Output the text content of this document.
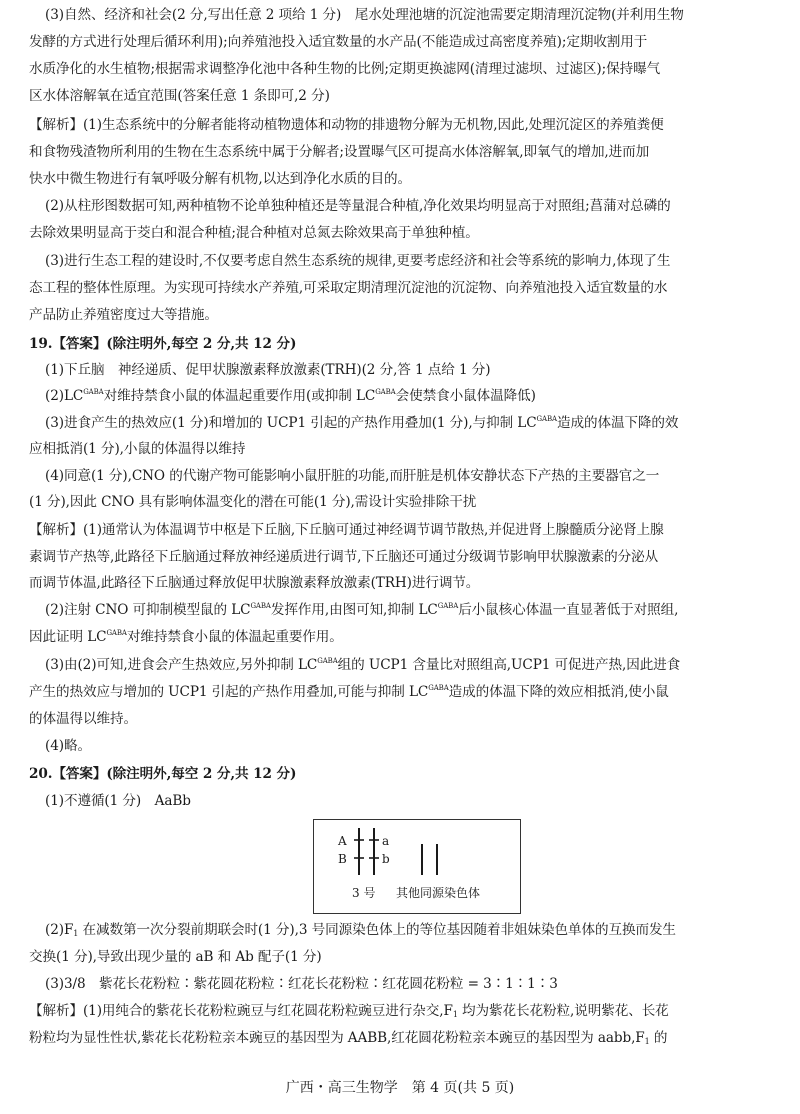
(3)自然、经济和社会(2 分,写出任意 2 项给 1 分)　尾水处理池塘的沉淀池需要定期清理沉淀物(并利用生物

发酵的方式进行处理后循环利用);向养殖池投入适宜数量的水产品(不能造成过高密度养殖);定期收割用于

水质净化的水生植物;根据需求调整净化池中各种生物的比例;定期更换滤网(清理过滤坝、过滤区);保持曝气

区水体溶解氧在适宜范围(答案任意 1 条即可,2 分)

【解析】(1)生态系统中的分解者能将动植物遗体和动物的排遗物分解为无机物,因此,处理沉淀区的养殖粪便

和食物残渣物所利用的生物在生态系统中属于分解者;设置曝气区可提高水体溶解氧,即氧气的增加,进而加

快水中微生物进行有氧呼吸分解有机物,以达到净化水质的目的。

(2)从柱形图数据可知,两种植物不论单独种植还是等量混合种植,净化效果均明显高于对照组;菖蒲对总磷的

去除效果明显高于茭白和混合种植;混合种植对总氮去除效果高于单独种植。

(3)进行生态工程的建设时,不仅要考虑自然生态系统的规律,更要考虑经济和社会等系统的影响力,体现了生

态工程的整体性原理。为实现可持续水产养殖,可采取定期清理沉淀池的沉淀物、向养殖池投入适宜数量的水

产品防止养殖密度过大等措施。

19.【答案】(除注明外,每空 2 分,共 12 分)

(1)下丘脑　神经递质、促甲状腺激素释放激素(TRH)(2 分,答 1 点给 1 分)

$(2)LC^{GABA}$对维持禁食小鼠的体温起重要作用(或抑制 $LC^{GABA}$会使禁食小鼠体温降低)

(3)进食产生的热效应(1 分)和增加的 UCP1 引起的产热作用叠加(1 分),与抑制 $LC^{GABA}$造成的体温下降的效

应相抵消(1 分),小鼠的体温得以维持

(4)同意(1 分),CNO 的代谢产物可能影响小鼠肝脏的功能,而肝脏是机体安静状态下产热的主要器官之一

(1 分),因此 CNO 具有影响体温变化的潜在可能(1 分),需设计实验排除干扰

【解析】(1)通常认为体温调节中枢是下丘脑,下丘脑可通过神经调节调节散热,并促进肾上腺髓质分泌肾上腺

素调节产热等,此路径下丘脑通过释放神经递质进行调节,下丘脑还可通过分级调节影响甲状腺激素的分泌从

而调节体温,此路径下丘脑通过释放促甲状腺激素释放激素(TRH)进行调节。

(2)注射 CNO 可抑制模型鼠的 $LC^{GABA}$发挥作用,由图可知,抑制 $LC^{GABA}$后小鼠核心体温一直显著低于对照组,

因此证明 $LC^{GABA}$对维持禁食小鼠的体温起重要作用。

(3)由(2)可知,进食会产生热效应,另外抑制 $LC^{GABA}$组的 UCP1 含量比对照组高,UCP1 可促进产热,因此进食

产生的热效应与增加的 UCP1 引起的产热作用叠加,可能与抑制 $LC^{GABA}$造成的体温下降的效应相抵消,使小鼠

的体温得以维持。

(4)略。

20.【答案】(除注明外,每空 2 分,共 12 分)

(1)不遵循(1 分)　AaBb

A	a
B	b
3 号 其他同源染色体

$(2)F_1$ 在减数第一次分裂前期联会时(1 分),3 号同源染色体上的等位基因随着非姐妹染色单体的互换而发生

交换(1 分),导致出现少量的 aB 和 Ab 配子(1 分)

(3)3/8　紫花长花粉粒∶紫花圆花粉粒∶红花长花粉粒∶红花圆花粉粒 = 3∶1∶1∶3

【解析】(1)用纯合的紫花长花粉粒豌豆与红花圆花粉粒豌豆进行杂交$,F_1$ 均为紫花长花粉粒,说明紫花、长花

粉粒均为显性性状,紫花长花粉粒亲本豌豆的基因型为 AABB,红花圆花粉粒亲本豌豆的基因型为 $aabb,F_1$ 的

广西・高三生物学　第 4 页(共 5 页)
